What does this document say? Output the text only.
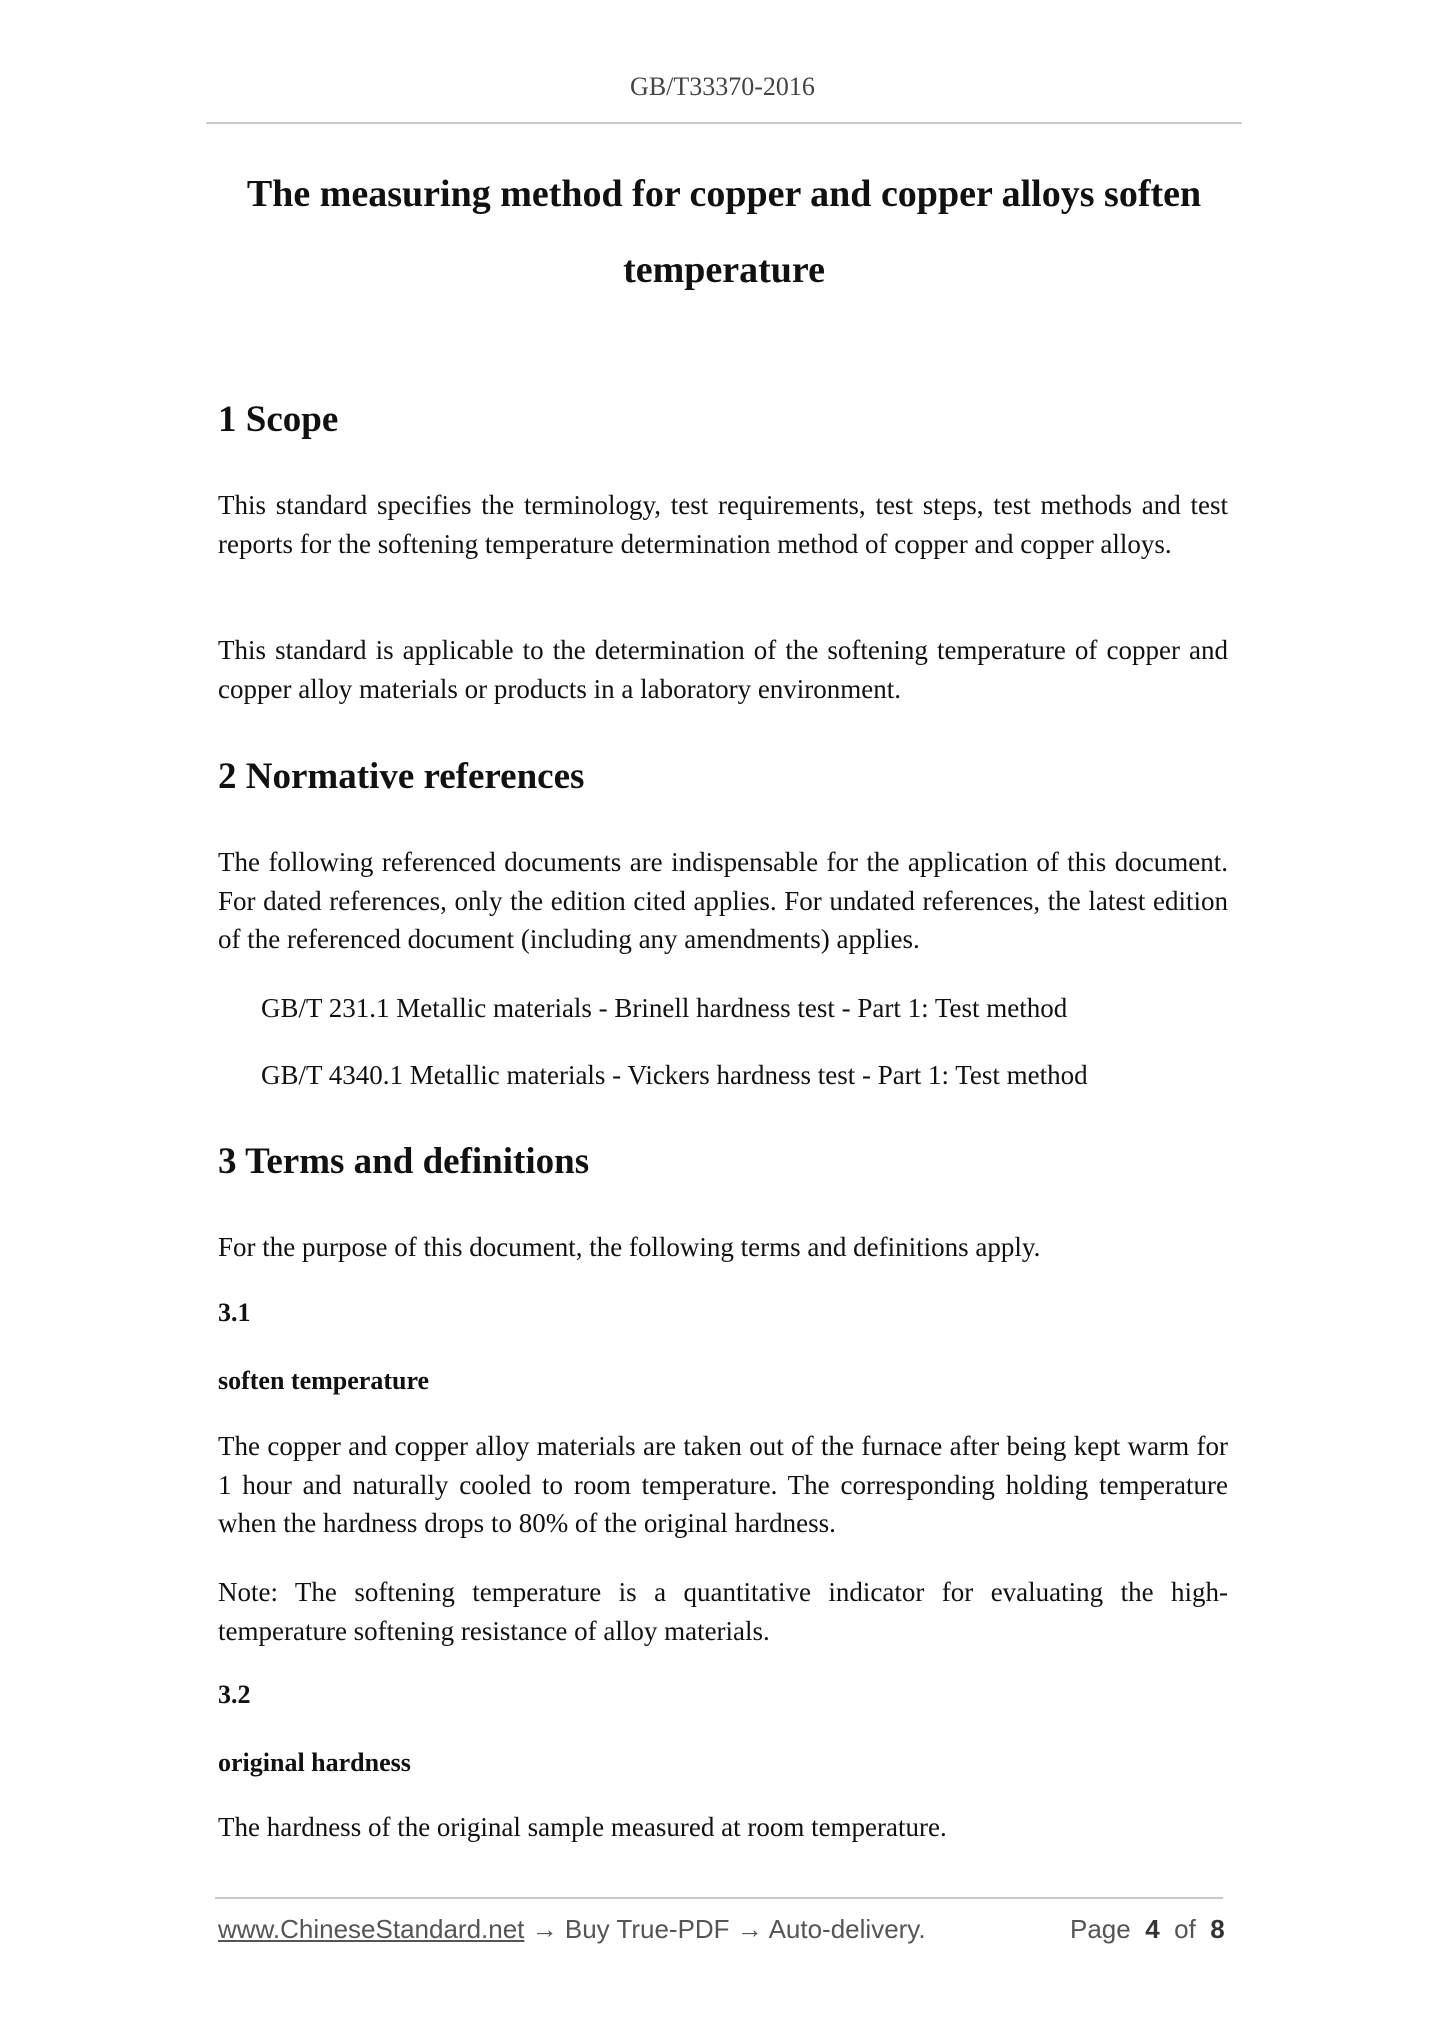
GB/T33370-2016
The measuring method for copper and copper alloys soften
temperature
1 Scope

This standard specifies the terminology, test requirements, test steps, test methods and test reports for the softening temperature determination method of copper and copper alloys.

This standard is applicable to the determination of the softening temperature of copper and copper alloy materials or products in a laboratory environment.

2 Normative references

The following referenced documents are indispensable for the application of this document. For dated references, only the edition cited applies. For undated references, the latest edition of the referenced document (including any amendments) applies.

GB/T 231.1 Metallic materials - Brinell hardness test - Part 1: Test method
GB/T 4340.1 Metallic materials - Vickers hardness test - Part 1: Test method
3 Terms and definitions

For the purpose of this document, the following terms and definitions apply.

3.1
soften temperature

The copper and copper alloy materials are taken out of the furnace after being kept warm for 1 hour and naturally cooled to room temperature. The corresponding holding temperature when the hardness drops to 80% of the original hardness.

Note: The softening temperature is a quantitative indicator for evaluating the high-temperature softening resistance of alloy materials.

3.2
original hardness

The hardness of the original sample measured at room temperature.

www.ChineseStandard.net → Buy True-PDF → Auto-delivery.	Page 4 of 8
